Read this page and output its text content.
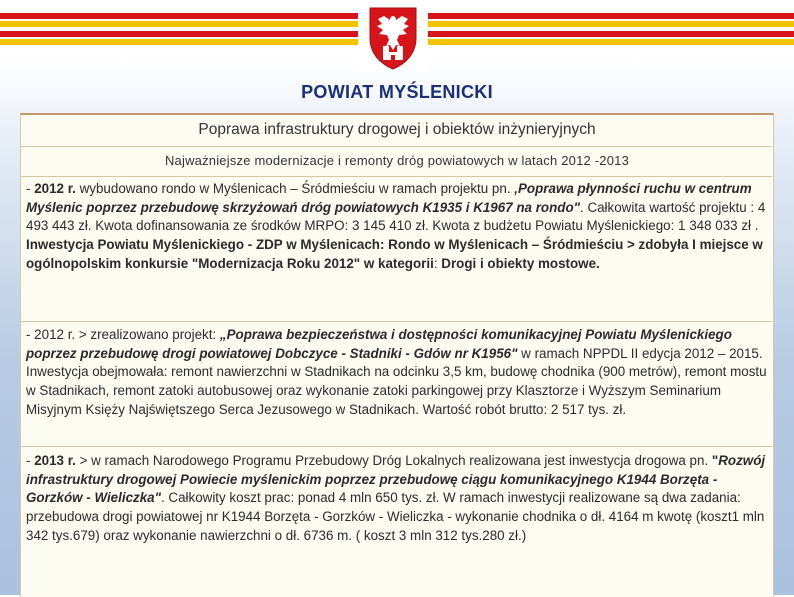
POWIAT MYŚLENICKI
Poprawa infrastruktury drogowej i obiektów inżynieryjnych
Najważniejsze modernizacje i remonty dróg powiatowych w latach 2012 -2013
- 2012 r. wybudowano rondo w Myślenicach – Śródmieściu w ramach projektu pn. ‚Poprawa płynności ruchu w centrum Myślenic poprzez przebudowę skrzyżowań dróg powiatowych K1935 i K1967 na rondo". Całkowita wartość projektu : 4 493 443 zł. Kwota dofinansowania ze środków MRPO: 3 145 410 zł. Kwota z budżetu Powiatu Myślenickiego: 1 348 033 zł . Inwestycja Powiatu Myślenickiego - ZDP w Myślenicach: Rondo w Myślenicach – Śródmieściu > zdobyła I miejsce w ogólnopolskim konkursie "Modernizacja Roku 2012" w kategorii: Drogi i obiekty mostowe.
- 2012 r. > zrealizowano projekt: „Poprawa bezpieczeństwa i dostępności komunikacyjnej Powiatu Myślenickiego poprzez przebudowę drogi powiatowej Dobczyce - Stadniki - Gdów nr K1956" w ramach NPPDL II edycja 2012 – 2015. Inwestycja obejmowała: remont nawierzchni w Stadnikach na odcinku 3,5 km, budowę chodnika (900 metrów), remont mostu w Stadnikach, remont zatoki autobusowej oraz wykonanie zatoki parkingowej przy Klasztorze i Wyższym Seminarium Misyjnym Księży Najświętszego Serca Jezusowego w Stadnikach. Wartość robót brutto: 2 517 tys. zł.
- 2013 r. > w ramach Narodowego Programu Przebudowy Dróg Lokalnych realizowana jest inwestycja drogowa pn. "Rozwój infrastruktury drogowej Powiecie myślenickim poprzez przebudowę ciągu komunikacyjnego K1944 Borzęta - Gorzków - Wieliczka". Całkowity koszt prac: ponad 4 mln 650 tys. zł. W ramach inwestycji realizowane są dwa zadania: przebudowa drogi powiatowej nr K1944 Borzęta - Gorzków - Wieliczka - wykonanie chodnika o dł. 4164 m kwotę (koszt1 mln 342 tys.679) oraz wykonanie nawierzchni o dł. 6736 m. ( koszt 3 mln 312 tys.280 zł.)
